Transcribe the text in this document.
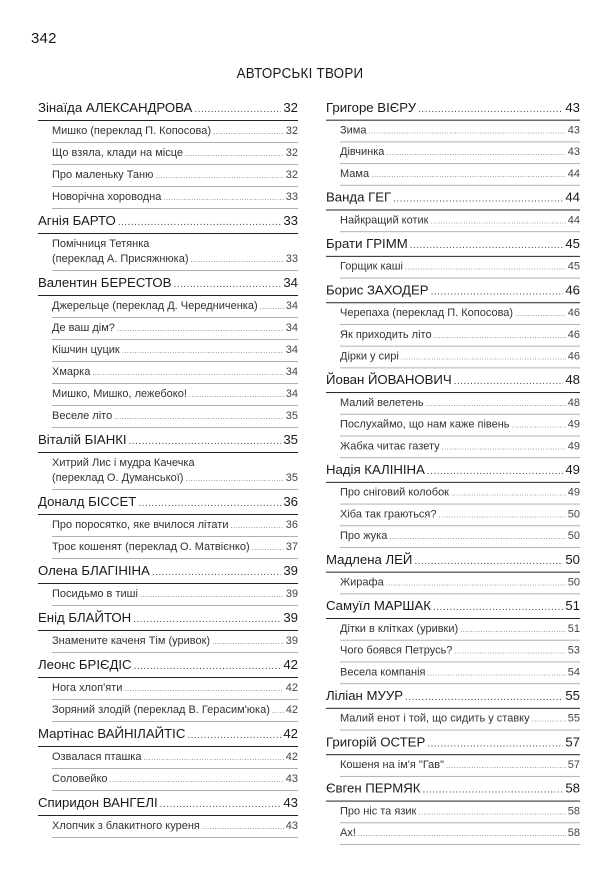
342
АВТОРСЬКІ ТВОРИ
Зінаїда АЛЕКСАНДРОВА .....	32
Мишко (переклад П. Копосова) .....	32
Що взяла, клади на місце .....	32
Про маленьку Таню .....	32
Новорічна хороводна .....	33
Агнія БАРТО .....	33
Помічниця Тетянка
(переклад А. Присяжнюка) .....	33
Валентин БЕРЕСТОВ .....	34
Джерельце (переклад Д. Чередниченка) .....	34
Де ваш дім? .....	34
Кішчин цуцик .....	34
Хмарка .....	34
Мишко, Мишко, лежебоко! .....	34
Веселе літо .....	35
Віталій БІАНКІ .....	35
Хитрий Лис і мудра Качечка
(переклад О. Думанської) .....	35
Доналд БІССЕТ .....	36
Про поросятко, яке вчилося літати .....	36
Троє кошенят (переклад О. Матвієнко) .....	37
Олена БЛАГІНІНА .....	39
Посидьмо в тиші .....	39
Енід БЛАЙТОН .....	39
Знамените каченя Тім (уривок) .....	39
Леонс БРІЄДІС .....	42
Нога хлоп'яти .....	42
Зоряний злодій (переклад В. Герасим'юка) ..... 42
Мартінас ВАЙНІЛАЙТІС .....	42
Озвалася пташка .....	42
Соловейко .....	43
Спиридон ВАНГЕЛІ .....	43
Хлопчик з блакитного куреня .....	43
Григоре ВІЄРУ .....	43
Зима .....	43
Дівчинка .....	43
Мама .....	44
Ванда ГЕГ .....	44
Найкращий котик .....	44
Брати ГРІММ .....	45
Горщик каші .....	45
Борис ЗАХОДЕР .....	46
Черепаха (переклад П. Копосова) .....	46
Як приходить літо .....	46
Дірки у сирі .....	46
Йован ЙОВАНОВИЧ .....	48
Малий велетень .....	48
Послухаймо, що нам каже півень .....	49
Жабка читає газету .....	49
Надія КАЛІНІНА .....	49
Про сніговий колобок .....	49
Хіба так граються? .....	50
Про жука .....	50
Мадлена ЛЕЙ .....	50
Жирафа .....	50
Самуїл МАРШАК .....	51
Дітки в клітках (уривки) .....	51
Чого боявся Петрусь? .....	53
Весела компанія .....	54
Ліліан МУУР .....	55
Малий енот і той, що сидить у ставку .....	55
Григорій ОСТЕР .....	57
Кошеня на ім'я "Гав" .....	57
Євген ПЕРМЯК .....	58
Про ніс та язик .....	58
Ах! .....	58
